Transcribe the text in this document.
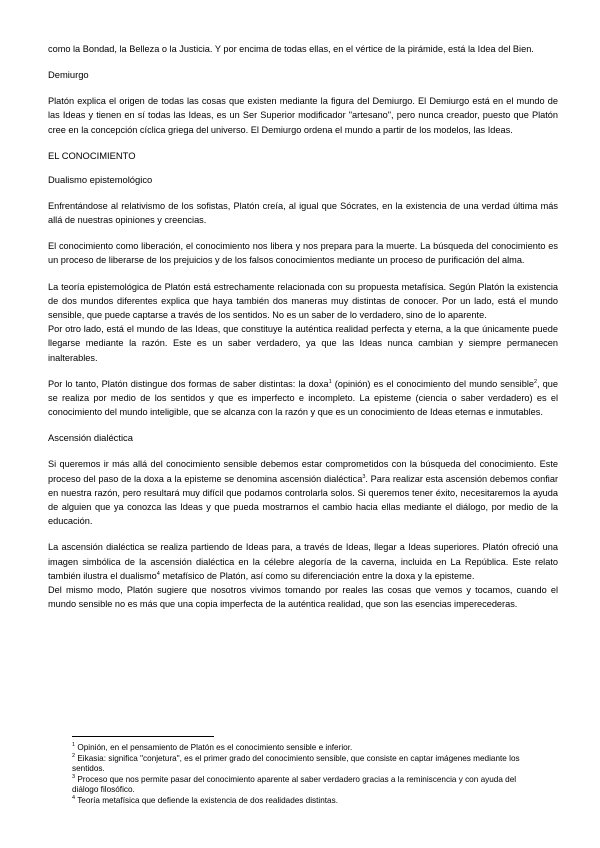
como la Bondad, la Belleza o la Justicia. Y por encima de todas ellas, en el vértice de la pirámide, está la Idea del Bien.

Demiurgo

Platón explica el origen de todas las cosas que existen mediante la figura del Demiurgo. El Demiurgo está en el mundo de las Ideas y tienen en sí todas las Ideas, es un Ser Superior modificador "artesano", pero nunca creador, puesto que Platón cree en la concepción cíclica griega del universo. El Demiurgo ordena el mundo a partir de los modelos, las Ideas.

EL CONOCIMIENTO

Dualismo epistemológico

Enfrentándose al relativismo de los sofistas, Platón creía, al igual que Sócrates, en la existencia de una verdad última más allá de nuestras opiniones y creencias.

El conocimiento como liberación, el conocimiento nos libera y nos prepara para la muerte. La búsqueda del conocimiento es un proceso de liberarse de los prejuicios y de los falsos conocimientos mediante un proceso de purificación del alma.

La teoría epistemológica de Platón está estrechamente relacionada con su propuesta metafísica. Según Platón la existencia de dos mundos diferentes explica que haya también dos maneras muy distintas de conocer. Por un lado, está el mundo sensible, que puede captarse a través de los sentidos. No es un saber de lo verdadero, sino de lo aparente.

Por otro lado, está el mundo de las Ideas, que constituye la auténtica realidad perfecta y eterna, a la que únicamente puede llegarse mediante la razón. Este es un saber verdadero, ya que las Ideas nunca cambian y siempre permanecen inalterables.

Por lo tanto, Platón distingue dos formas de saber distintas: la doxa$^1$ (opinión) es el conocimiento del mundo sensible$^2$, que se realiza por medio de los sentidos y que es imperfecto e incompleto. La episteme (ciencia o saber verdadero) es el conocimiento del mundo inteligible, que se alcanza con la razón y que es un conocimiento de Ideas eternas e inmutables.

Ascensión dialéctica

Si queremos ir más allá del conocimiento sensible debemos estar comprometidos con la búsqueda del conocimiento. Este proceso del paso de la doxa a la episteme se denomina ascensión dialéctica$^3$. Para realizar esta ascensión debemos confiar en nuestra razón, pero resultará muy difícil que podamos controlarla solos. Si queremos tener éxito, necesitaremos la ayuda de alguien que ya conozca las Ideas y que pueda mostrarnos el cambio hacia ellas mediante el diálogo, por medio de la educación.

La ascensión dialéctica se realiza partiendo de Ideas para, a través de Ideas, llegar a Ideas superiores. Platón ofreció una imagen simbólica de la ascensión dialéctica en la célebre alegoría de la caverna, incluida en La República. Este relato también ilustra el dualismo$^4$ metafísico de Platón, así como su diferenciación entre la doxa y la episteme.

Del mismo modo, Platón sugiere que nosotros vivimos tomando por reales las cosas que vemos y tocamos, cuando el mundo sensible no es más que una copia imperfecta de la auténtica realidad, que son las esencias imperecederas.

$^1$ Opinión, en el pensamiento de Platón es el conocimiento sensible e inferior.

$^2$ Eikasia: significa "conjetura", es el primer grado del conocimiento sensible, que consiste en captar imágenes mediante los sentidos.

$^3$ Proceso que nos permite pasar del conocimiento aparente al saber verdadero gracias a la reminiscencia y con ayuda del diálogo filosófico.

$^4$ Teoría metafísica que defiende la existencia de dos realidades distintas.
